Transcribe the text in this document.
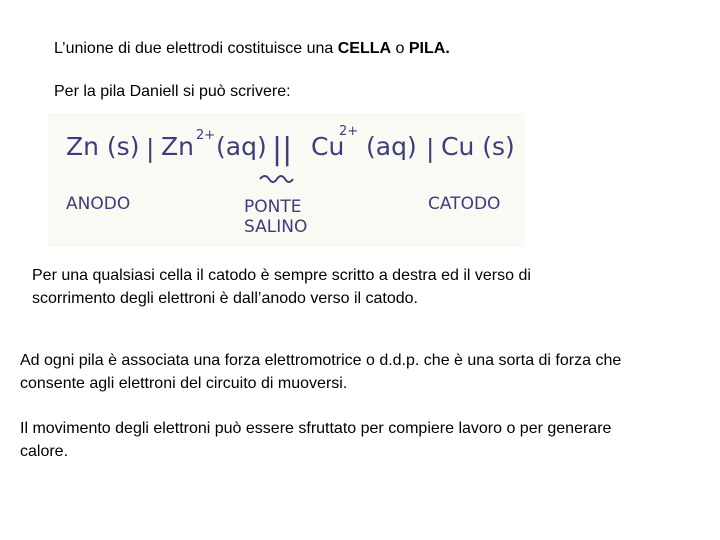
L’unione di due elettrodi costituisce una CELLA o PILA.
Per la pila Daniell si può scrivere:
Zn (s) | Zn 2+ (aq) || Cu
2+
(aq) | Cu (s)
ANODO	PONTE
SALINO
CATODO
Per una qualsiasi cella il catodo è sempre scritto a destra ed il verso di
scorrimento degli elettroni è dall’anodo verso il catodo.
Ad ogni pila è associata una forza elettromotrice o d.d.p. che è una sorta di forza che
consente agli elettroni del circuito di muoversi.
Il movimento degli elettroni può essere sfruttato per compiere lavoro o per generare
calore.
